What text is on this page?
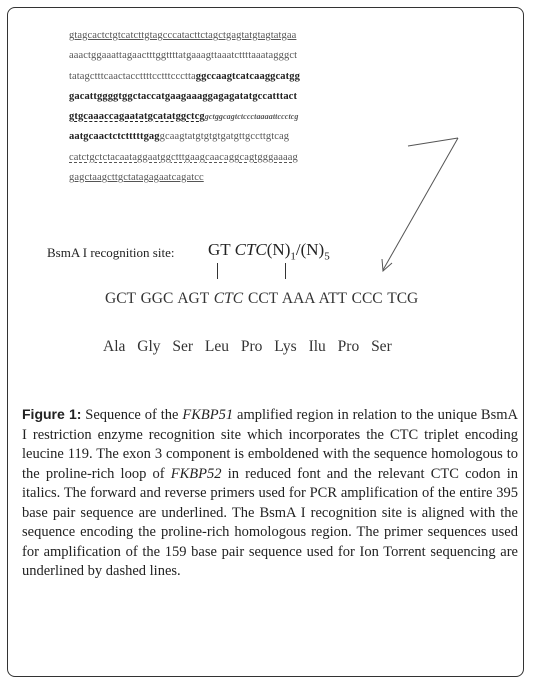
gtagcactctgtcatcttgtagcccatacttctagctgagtatgtagtatgaa
aaactggaaattagaactttggttttatgaaagttaaatcttttaaatagggct
tatagctttcaactaccttttcctttcccttaggccaagtcatcaaggcatgg
gacattggggtggctaccatgaagaaaggagagatatgccatttact
gtgcaaaccagaatatgcatatggctcggctggcagtctccctaaaattccctcg
aatgcaactctctttttgaggcaagtatgtgtgtgatgttgccttgtcag
catctgctctacaataggaatggctttgaagcaacaggcagtgggaaaag
gagctaagcttgctatagagaatcagatcc
BsmA I recognition site: GT $CTC(N)_1/(N)_5$
GCT GGC AGT CTC CCT AAA ATT CCC TCG
Ala Gly Ser Leu Pro Lys Ilu Pro Ser
Figure 1: Sequence of the FKBP51 amplified region in relation to the unique BsmA I restriction enzyme recognition site which incorporates the CTC triplet encoding leucine 119. The exon 3 component is emboldened with the sequence homologous to the proline-rich loop of FKBP52 in reduced font and the relevant CTC codon in italics. The forward and reverse primers used for PCR amplification of the entire 395 base pair sequence are underlined. The BsmA I recognition site is aligned with the sequence encoding the proline-rich homologous region. The primer sequences used for amplification of the 159 base pair sequence used for Ion Torrent sequencing are underlined by dashed lines.
